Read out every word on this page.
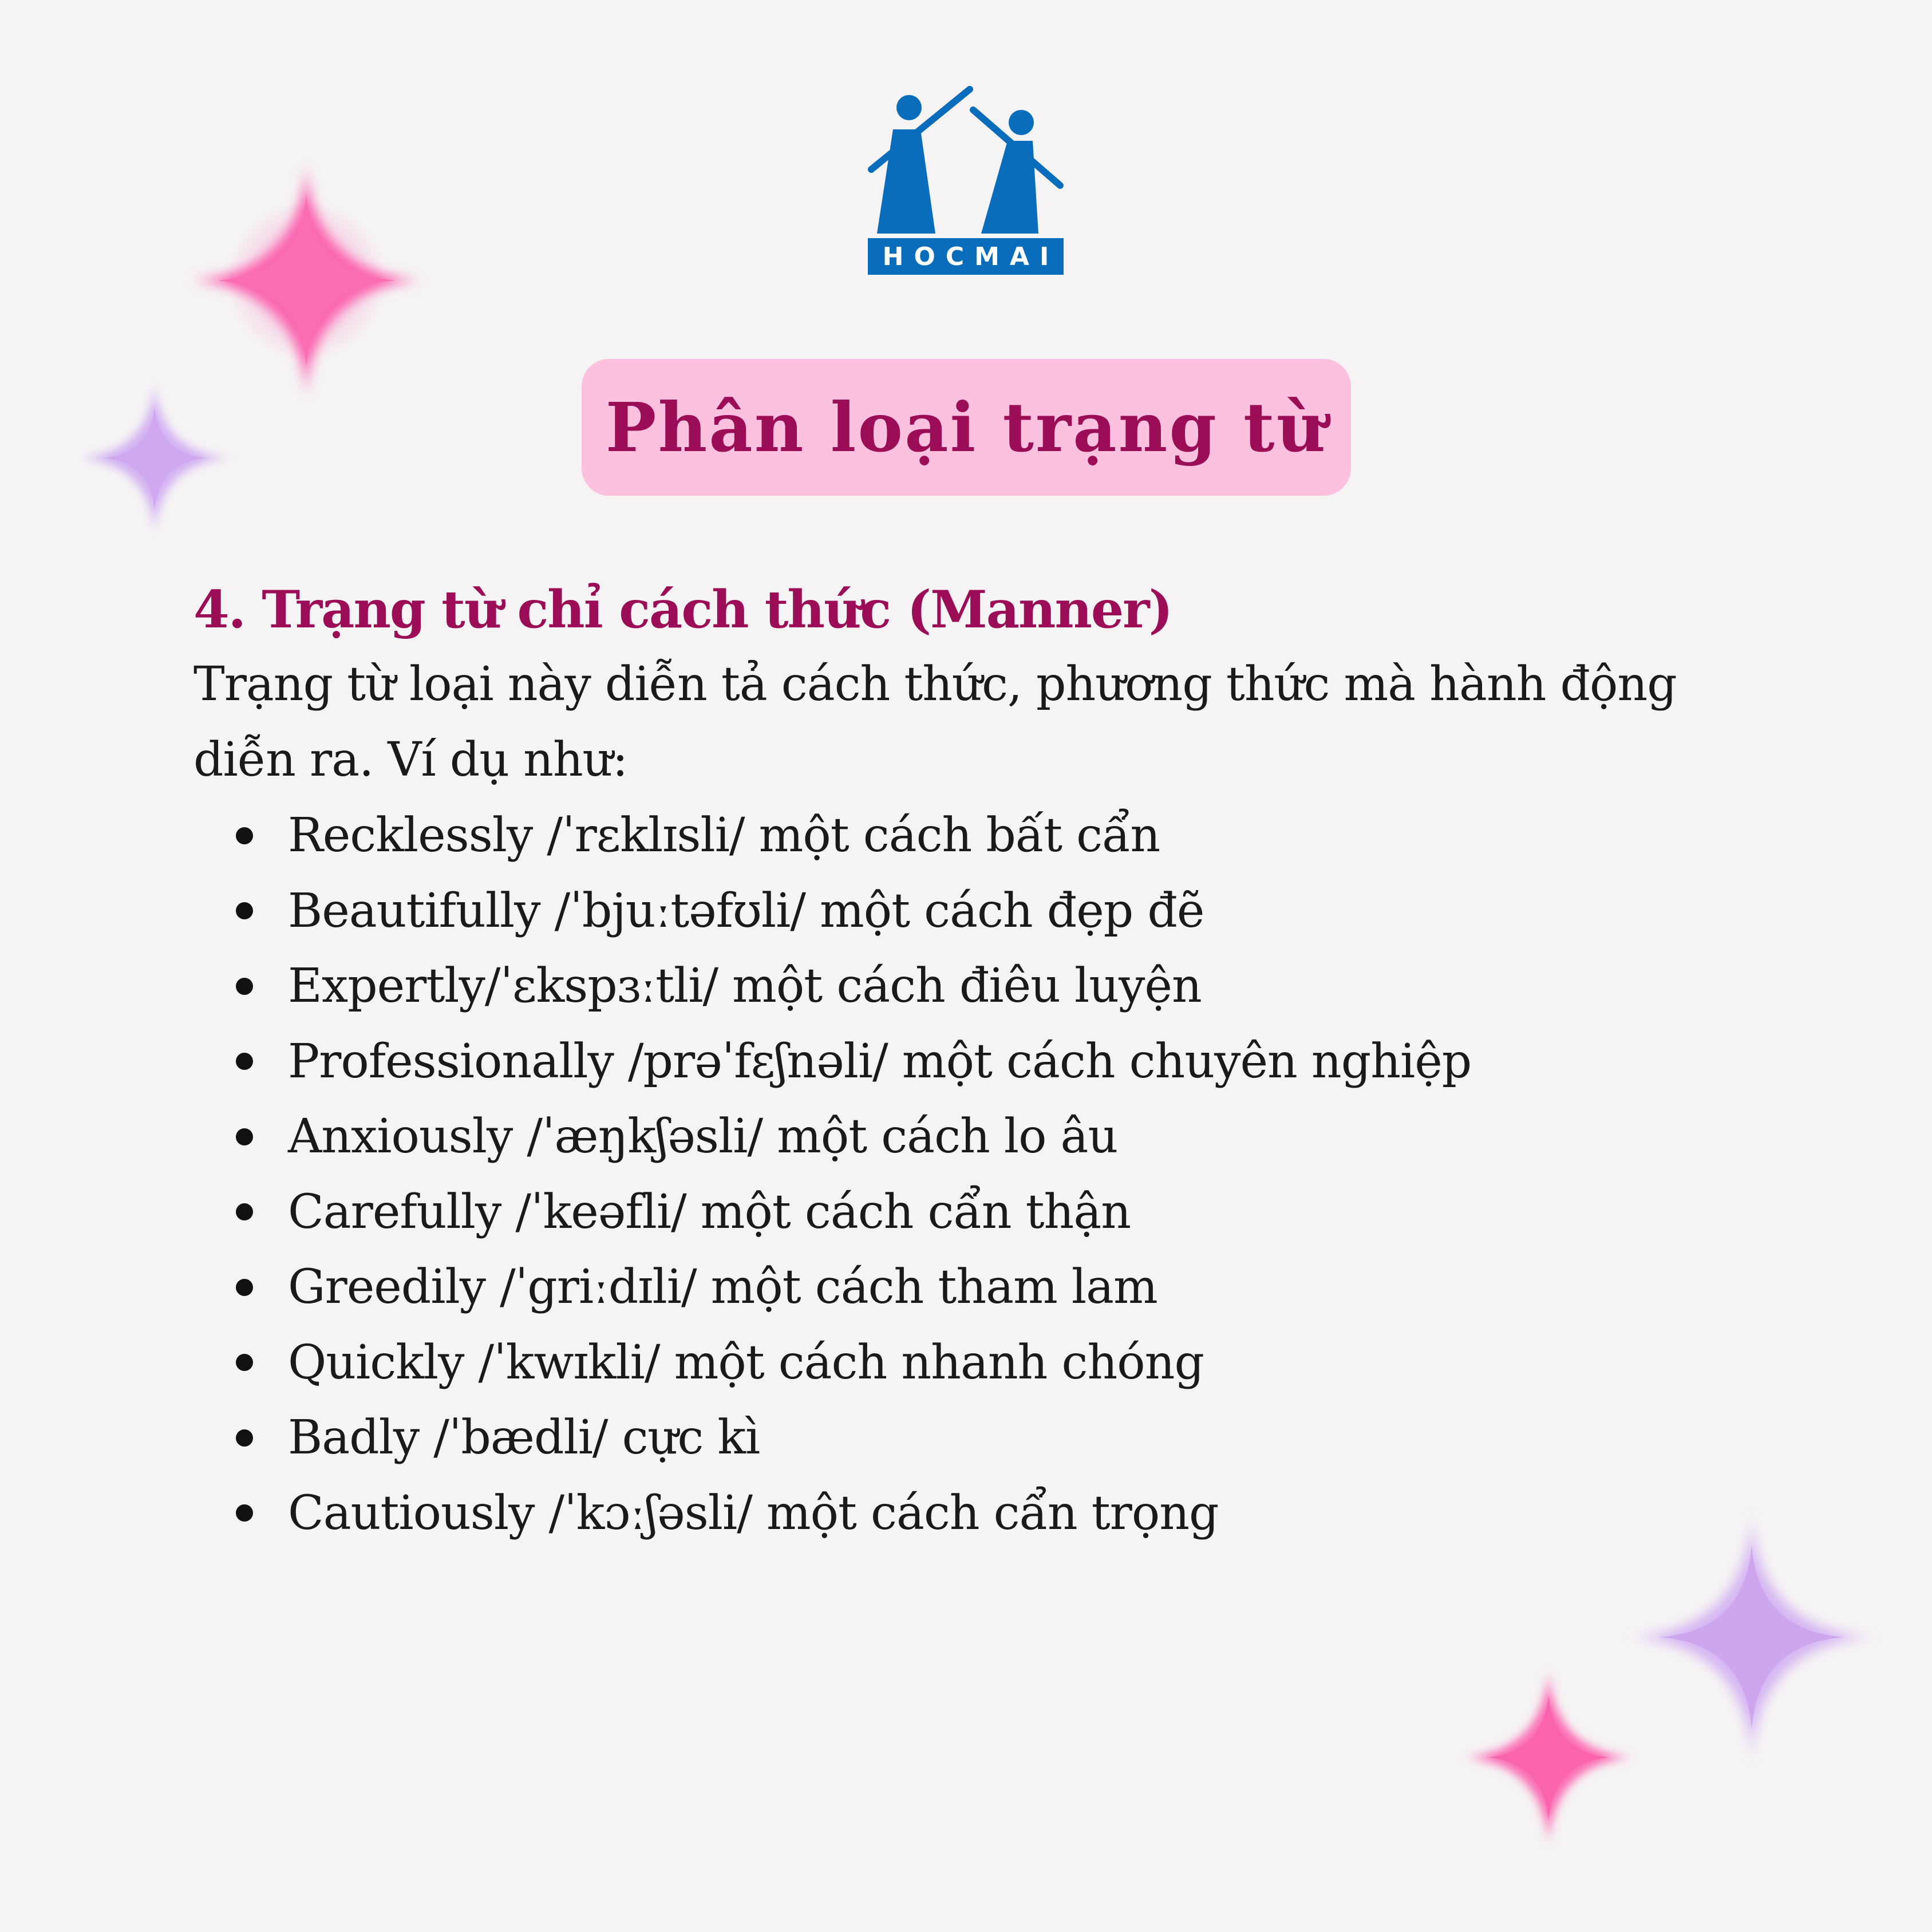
HOCMAI
Phân loại trạng từ
4. Trạng từ chỉ cách thức (Manner)

Trạng từ loại này diễn tả cách thức, phương thức mà hành động diễn ra. Ví dụ như:

Recklessly /ˈrɛklɪsli/ một cách bất cẩn
Beautifully /ˈbjuːtəfʊli/ một cách đẹp đẽ
Expertly/ˈɛkspɜːtli/ một cách điêu luyện
Professionally /prəˈfɛʃnəli/ một cách chuyên nghiệp
Anxiously /ˈæŋkʃəsli/ một cách lo âu
Carefully /ˈkeəfli/ một cách cẩn thận
Greedily /ˈgriːdɪli/ một cách tham lam
Quickly /ˈkwɪkli/ một cách nhanh chóng
Badly /ˈbædli/ cực kì
Cautiously /ˈkɔːʃəsli/ một cách cẩn trọng
